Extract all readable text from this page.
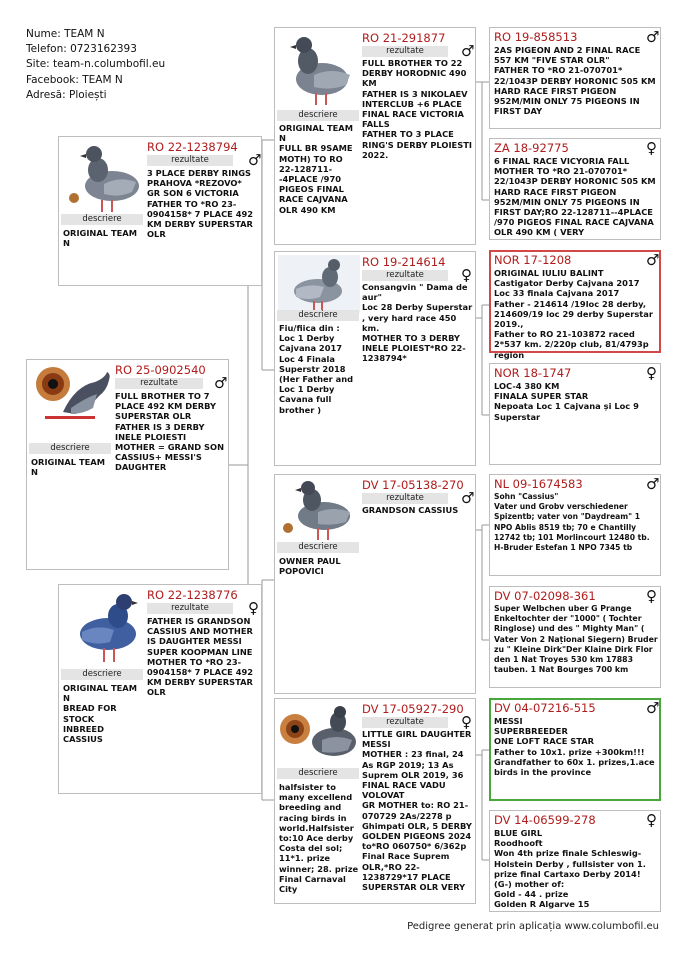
Nume: TEAM N
Telefon: 0723162393
Site: team-n.columbofil.eu
Facebook: TEAM N
Adresă: Ploiești
RO 25-0902540
♂
rezultate
descriere
FULL BROTHER TO 7 PLACE 492 KM DERBY SUPERSTAR OLR
FATHER IS 3 DERBY INELE PLOIESTI
MOTHER = GRAND SON CASSIUS+ MESSI'S DAUGHTER
ORIGINAL TEAM N
RO 22-1238794
♂
rezultate
descriere
3 PLACE DERBY RINGS PRAHOVA *REZOVO*
GR SON 6 VICTORIA FATHER TO *RO 23-0904158* 7 PLACE 492 KM DERBY SUPERSTAR OLR
ORIGINAL TEAM N
RO 22-1238776
♀
rezultate
descriere
FATHER IS GRANDSON CASSIUS AND MOTHER IS DAUGHTER MESSI SUPER KOOPMAN LINE
MOTHER TO *RO 23-0904158* 7 PLACE 492 KM DERBY SUPERSTAR OLR
ORIGINAL TEAM N
BREAD FOR STOCK
INBREED CASSIUS
RO 21-291877
♂
rezultate
descriere
FULL BROTHER TO 22 DERBY HORODNIC 490 KM
FATHER IS 3 NIKOLAEV INTERCLUB +6 PLACE FINAL RACE VICTORIA FALLS
FATHER TO 3 PLACE RING'S DERBY PLOIESTI 2022.
ORIGINAL TEAM N
FULL BR 9SAME MOTH) TO RO 22-128711--4PLACE /970 PIGEOS FINAL RACE CAJVANA OLR 490 KM
RO 19-214614
♀
rezultate
descriere
Consangvin " Dama de aur"
Loc 28 Derby Superstar , very hard race 450 km.
MOTHER TO 3 DERBY INELE PLOIEST*RO 22-1238794*
Fiu/fiica din :
Loc 1 Derby Cajvana 2017
Loc 4 Finala Superstr 2018 (Her Father and Loc 1 Derby Cavana full brother )
DV 17-05138-270
♂
rezultate
descriere
GRANDSON CASSIUS
OWNER PAUL POPOVICI
DV 17-05927-290
♀
rezultate
descriere
LITTLE GIRL DAUGHTER MESSI
MOTHER : 23 final, 24 As RGP 2019; 13 As Suprem OLR 2019, 36 FINAL RACE VADU VOLOVAT
GR MOTHER to: RO 21-070729 2As/2278 p Ghimpati OLR, 5 DERBY GOLDEN PIGEONS 2024
to*RO 060750* 6/362p Final Race Suprem OLR,*RO 22-1238729*17 PLACE SUPERSTAR OLR VERY
halfsister to many excellend breeding and racing birds in world.Halfsister to:10 Ace derby Costa del sol; 11*1. prize winner; 28. prize Final Carnaval City
RO 19-858513	♂
2AS PIGEON AND 2 FINAL RACE 557 KM "FIVE STAR OLR"
FATHER TO *RO 21-070701* 22/1043P DERBY HORONIC 505 KM HARD RACE FIRST PIGEON 952M/MIN ONLY 75 PIGEONS IN FIRST DAY
ZA 18-92775	♀
6 FINAL RACE VICYORIA FALL
MOTHER TO *RO 21-070701* 22/1043P DERBY HORONIC 505 KM HARD RACE FIRST PIGEON 952M/MIN ONLY 75 PIGEONS IN FIRST DAY;RO 22-128711--4PLACE /970 PIGEOS FINAL RACE CAJVANA OLR 490 KM ( VERY
NOR 17-1208	♂
ORIGINAL IULIU BALINT
Castigator Derby Cajvana 2017
Loc 33 finala Cajvana 2017
Father - 214614 /19loc 28 derby, 214609/19 loc 29 derby Superstar 2019.,
Father to RO 21-103872 raced 2*537 km. 2/220p club, 81/4793p region
NOR 18-1747	♀
LOC-4 380 KM
FINALA SUPER STAR
Nepoata Loc 1 Cajvana și Loc 9 Superstar
NL 09-1674583	♂
Sohn "Cassius"
Vater und Grobv verschiedener Spizentb; vater von "Daydream" 1 NPO Ablis 8519 tb; 70 e Chantilly 12742 tb; 101 Morlincourt 12480 tb. H-Bruder Estefan 1 NPO 7345 tb
DV 07-02098-361	♀
Super Welbchen uber G Prange Enkeltochter der "1000" ( Tochter Ringlose) und des " Mighty Man" ( Vater Von 2 Național Siegern) Bruder zu " Kleine Dirk"Der Klaine Dirk Flor den 1 Nat Troyes 530 km 17883 tauben. 1 Nat Bourges 700 km
DV 04-07216-515	♂
MESSI
SUPERBREEDER
ONE LOFT RACE STAR
Father to 10x1. prize +300km!!!
Grandfather to 60x 1. prizes,1.ace birds in the province
DV 14-06599-278	♀
BLUE GIRL
Roodhooft
Won 4th prize finale Schleswig-Holstein Derby , fullsister von 1.
prize final Cartaxo Derby 2014!
(G-) mother of:
Gold - 44 . prize
Golden R Algarve 15
Pedigree generat prin aplicația www.columbofil.eu
